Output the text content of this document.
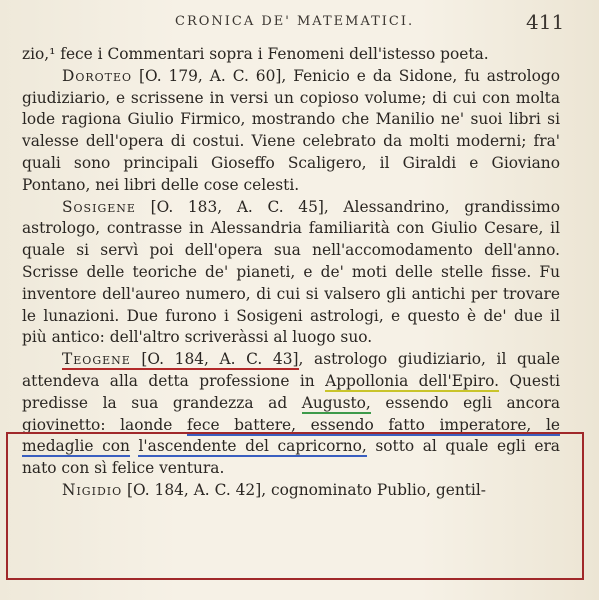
CRONICA DE' MATEMATICI.	411

zio,¹ fece i Commentari sopra i Fenomeni dell'istesso poeta.

Doroteo [O. 179, A. C. 60], Fenicio e da Sidone, fu astrologo giudiziario, e scrissene in versi un copioso volume; di cui con molta lode ragiona Giulio Firmico, mostrando che Manilio ne' suoi libri si valesse dell'opera di costui. Viene celebrato da molti moderni; fra' quali sono principali Gioseffo Scaligero, il Giraldi e Gioviano Pontano, nei libri delle cose celesti.

Sosigene [O. 183, A. C. 45], Alessandrino, grandissimo astrologo, contrasse in Alessandria familiarità con Giulio Cesare, il quale si servì poi dell'opera sua nell'accomodamento dell'anno. Scrisse delle teoriche de' pianeti, e de' moti delle stelle fisse. Fu inventore dell'aureo numero, di cui si valsero gli antichi per trovare le lunazioni. Due furono i Sosigeni astrologi, e questo è de' due il più antico: dell'altro scriveràssi al luogo suo.

Teogene [O. 184, A. C. 43], astrologo giudiziario, il quale attendeva alla detta professione in Appollonia dell'Epiro. Questi predisse la sua grandezza ad Augusto, essendo egli ancora giovinetto: laonde fece battere, essendo fatto imperatore, le medaglie con l'ascendente del capricorno, sotto al quale egli era nato con sì felice ventura.

Nigidio [O. 184, A. C. 42], cognominato Publio, gentil-
